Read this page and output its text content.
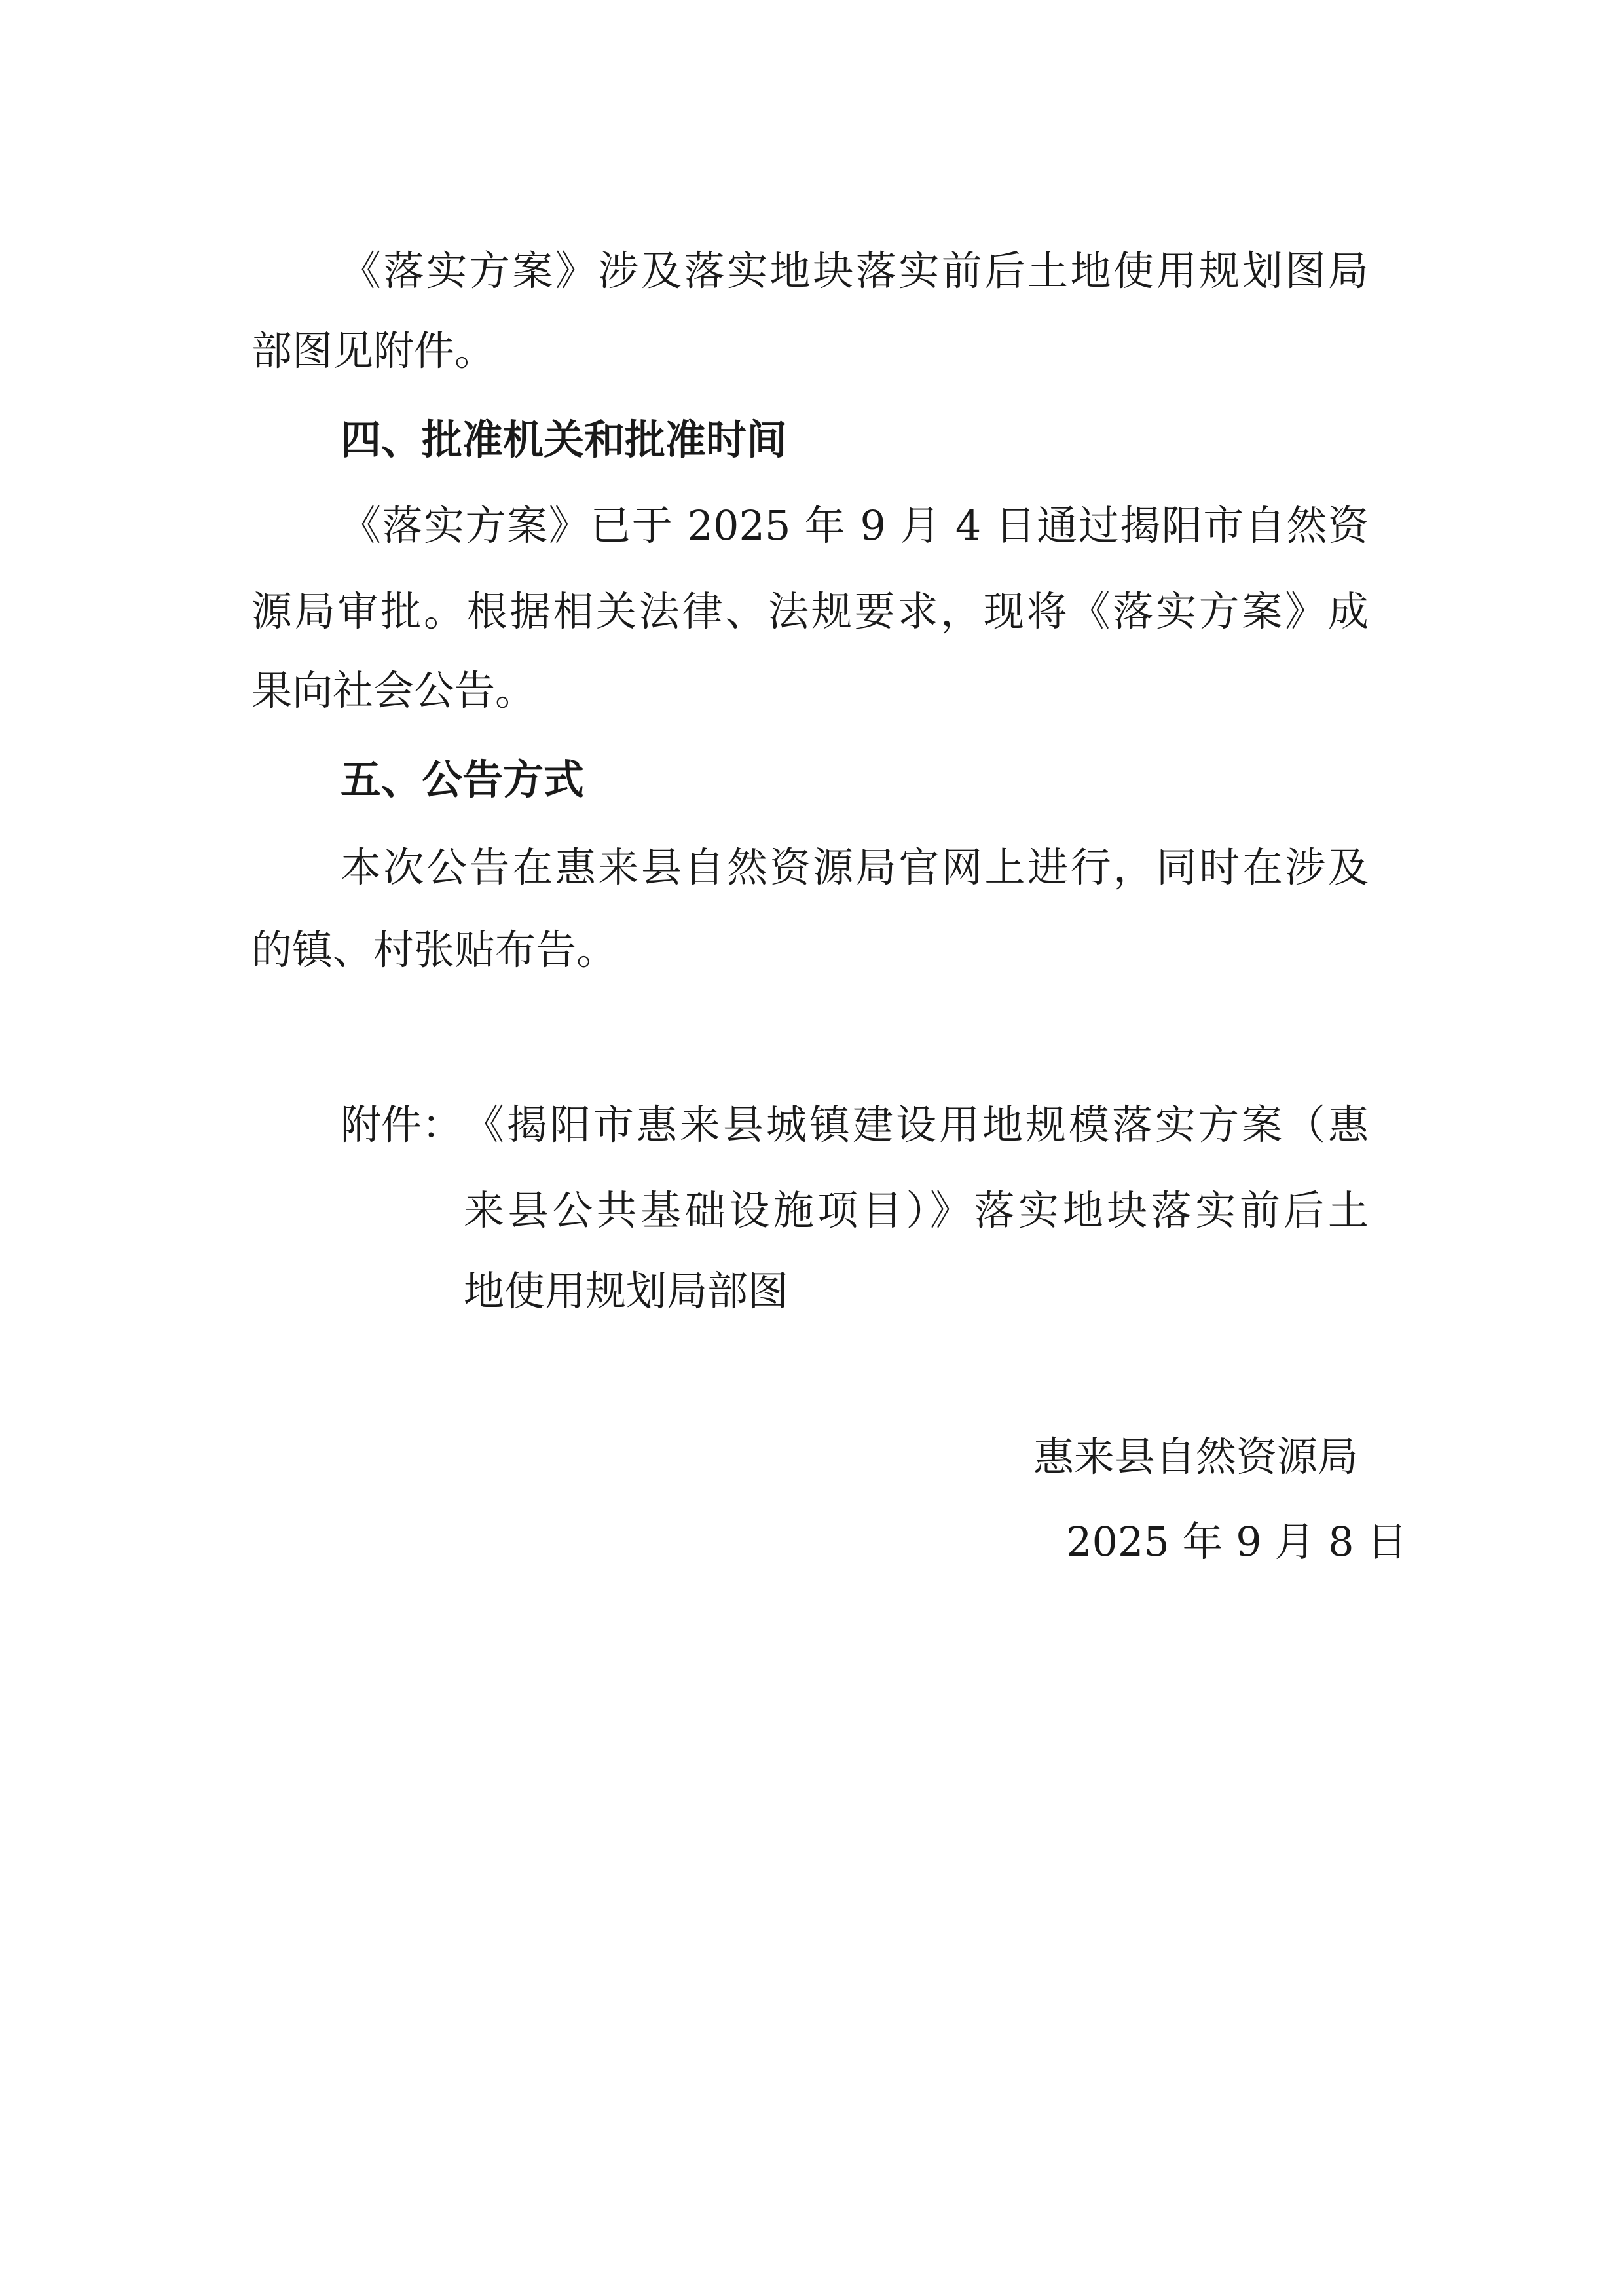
《落实方案》涉及落实地块落实前后土地使用规划图局
部图见附件。
四、批准机关和批准时间
《落实方案》已于 2025 年 9 月 4 日通过揭阳市自然资
源局审批。根据相关法律、法规要求，现将《落实方案》成
果向社会公告。
五、公告方式
本次公告在惠来县自然资源局官网上进行，同时在涉及
的镇、村张贴布告。
附件： 《揭阳市惠来县城镇建设用地规模落实方案（惠
来县公共基础设施项目）》落实地块落实前后土
地使用规划局部图
惠来县自然资源局
2025 年 9 月 8 日
